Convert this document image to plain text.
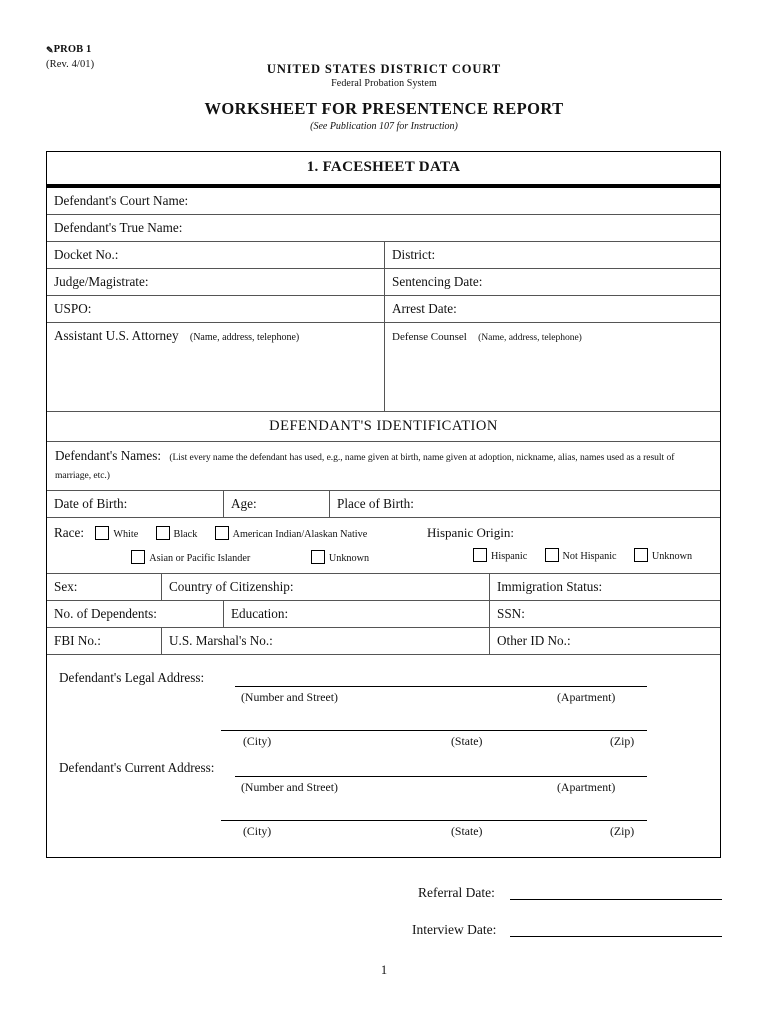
✎PROB 1
(Rev. 4/01)	UNITED STATES DISTRICT COURT
Federal Probation System
WORKSHEET FOR PRESENTENCE REPORT
(See Publication 107 for Instruction)
1. FACESHEET DATA
Defendant's Court Name:
Defendant's True Name:
Docket No.:	District:
Judge/Magistrate:	Sentencing Date:
USPO:	Arrest Date:
Assistant U.S. Attorney (Name, address, telephone)	Defense Counsel (Name, address, telephone)
DEFENDANT'S IDENTIFICATION
Defendant's Names: (List every name the defendant has used, e.g., name given at birth, name given at adoption, nickname, alias, names used as a result of marriage, etc.)
Date of Birth:	Age:	Place of Birth:
Race:	White	Black	American Indian/Alaskan Native
Asian or Pacific Islander	Unknown
Hispanic Origin:
Hispanic	Not Hispanic	Unknown
Sex:	Country of Citizenship:	Immigration Status:
No. of Dependents:	Education:	SSN:
FBI No.:	U.S. Marshal's No.:	Other ID No.:
Defendant's Legal Address:
(Number and Street)	(Apartment)
(City)	(State)	(Zip)
Defendant's Current Address:
(Number and Street)	(Apartment)
(City)	(State)	(Zip)
Referral Date:
Interview Date:
1
